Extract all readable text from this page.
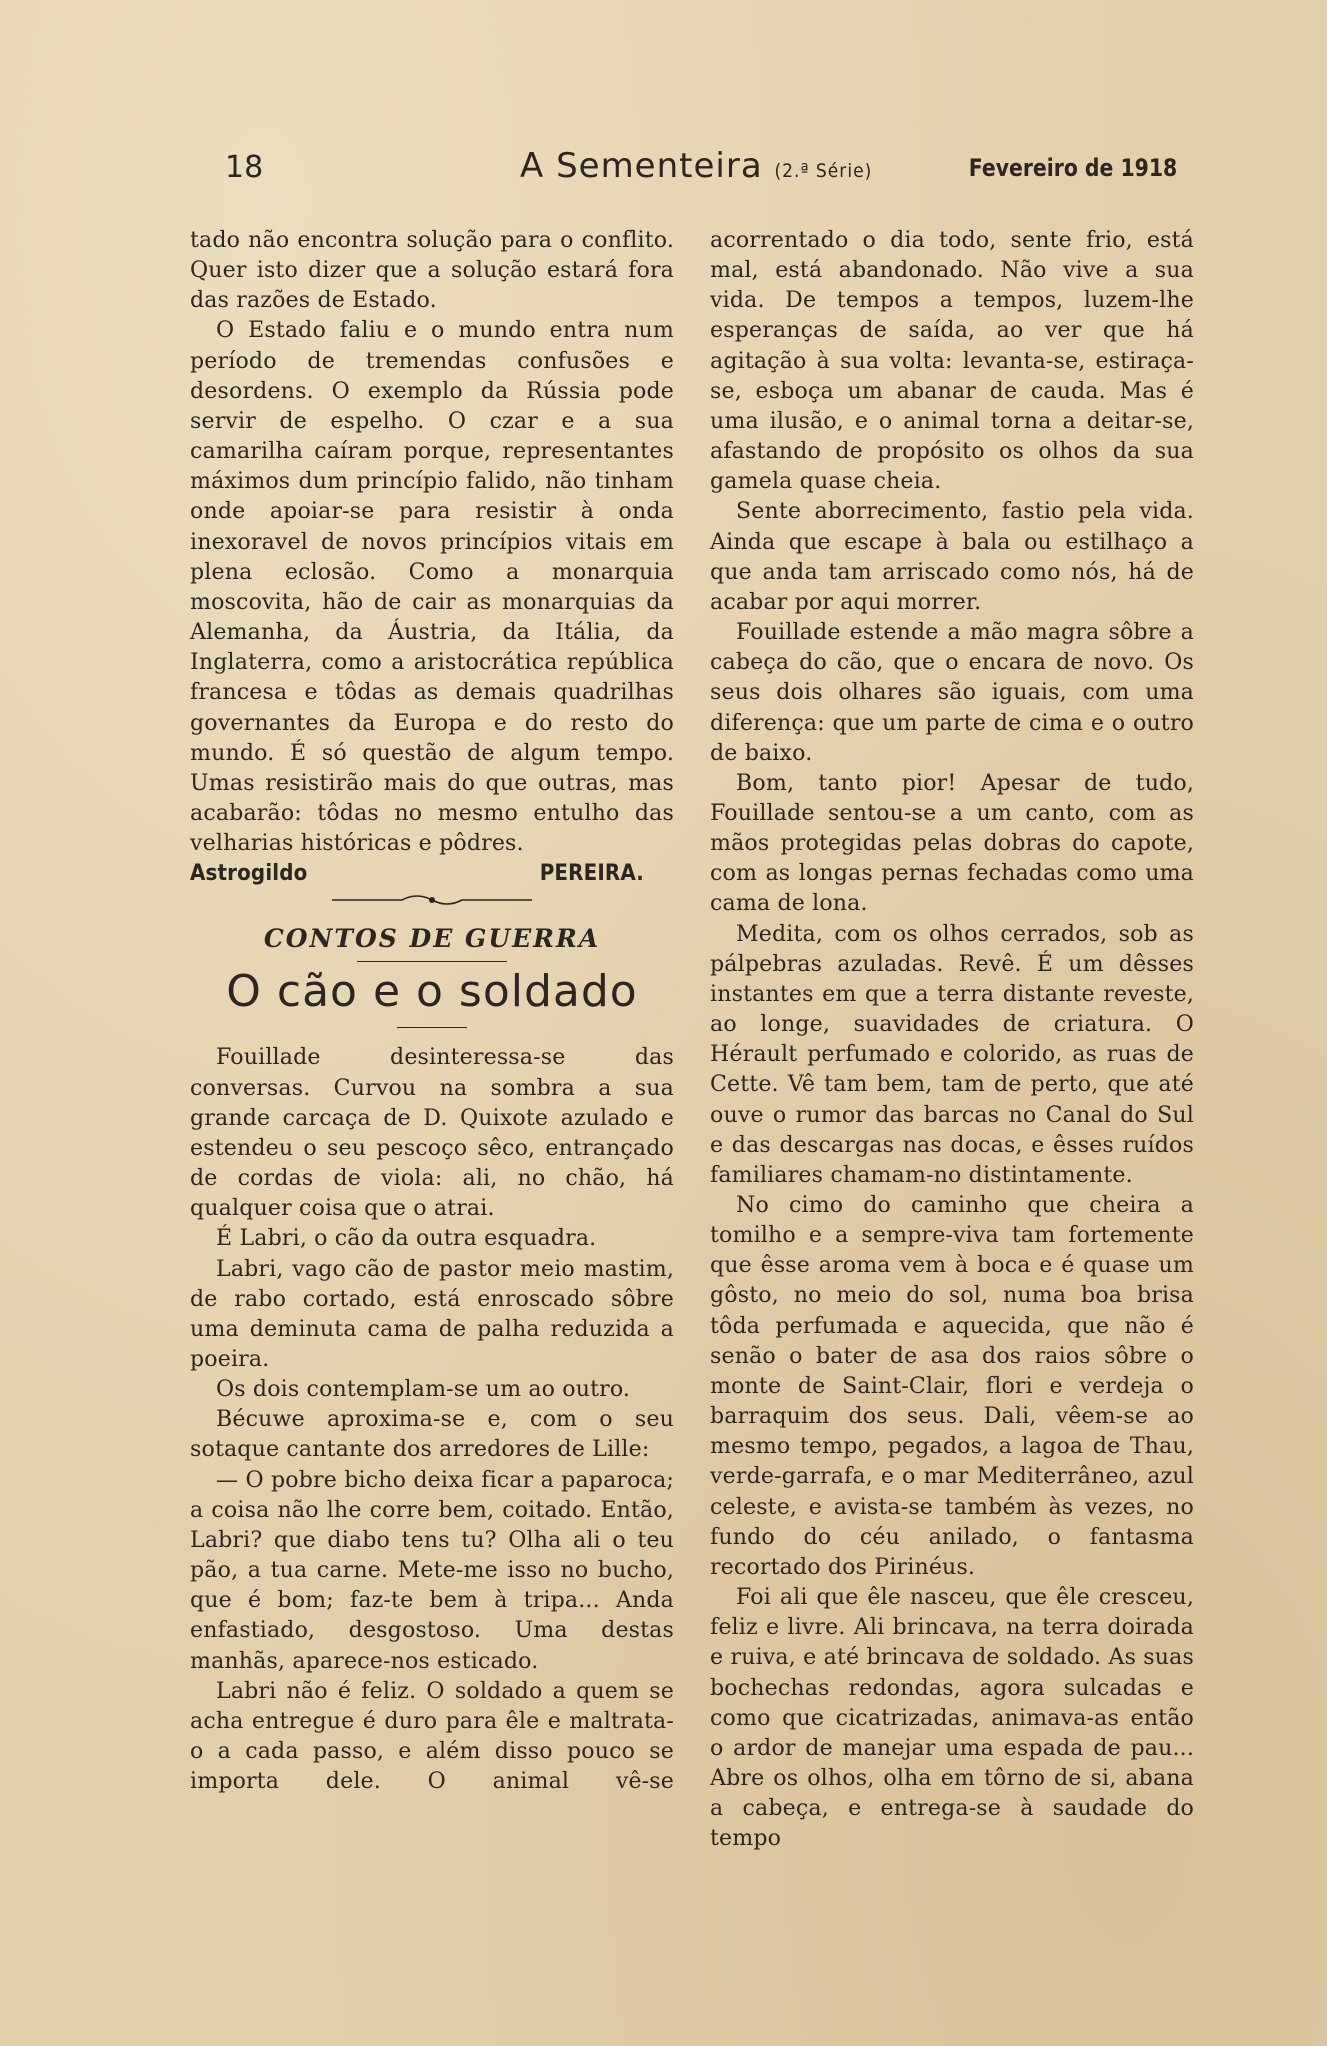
18	A Sementeira (2.ª Série)	Fevereiro de 1918

tado não encontra solução para o conflito. Quer isto dizer que a solução estará fora das razões de Estado.

O Estado faliu e o mundo entra num período de tremendas confusões e desordens. O exemplo da Rússia pode servir de espelho. O czar e a sua camarilha caíram porque, representantes máximos dum princípio falido, não tinham onde apoiar-se para resistir à onda inexoravel de novos princípios vitais em plena eclosão. Como a monarquia moscovita, hão de cair as monarquias da Alemanha, da Áustria, da Itália, da Inglaterra, como a aristocrática república francesa e tôdas as demais quadrilhas governantes da Europa e do resto do mundo. É só questão de algum tempo. Umas resistirão mais do que outras, mas acabarão: tôdas no mesmo entulho das velharias históricas e pôdres.

Astrogildo PEREIRA.

CONTOS DE GUERRA
O cão e o soldado

Fouillade desinteressa-se das conversas. Curvou na sombra a sua grande carcaça de D. Quixote azulado e estendeu o seu pescoço sêco, entrançado de cordas de viola: ali, no chão, há qualquer coisa que o atrai.

É Labri, o cão da outra esquadra.

Labri, vago cão de pastor meio mastim, de rabo cortado, está enroscado sôbre uma deminuta cama de palha reduzida a poeira.

Os dois contemplam-se um ao outro.

Bécuwe aproxima-se e, com o seu sotaque cantante dos arredores de Lille:

— O pobre bicho deixa ficar a paparoca; a coisa não lhe corre bem, coitado. Então, Labri? que diabo tens tu? Olha ali o teu pão, a tua carne. Mete-me isso no bucho, que é bom; faz-te bem à tripa... Anda enfastiado, desgostoso. Uma destas manhãs, aparece-nos esticado.

Labri não é feliz. O soldado a quem se acha entregue é duro para êle e maltrata-o a cada passo, e além disso pouco se importa dele. O animal vê-se

acorrentado o dia todo, sente frio, está mal, está abandonado. Não vive a sua vida. De tempos a tempos, luzem-lhe esperanças de saída, ao ver que há agitação à sua volta: levanta-se, estiraça-se, esboça um abanar de cauda. Mas é uma ilusão, e o animal torna a deitar-se, afastando de propósito os olhos da sua gamela quase cheia.

Sente aborrecimento, fastio pela vida. Ainda que escape à bala ou estilhaço a que anda tam arriscado como nós, há de acabar por aqui morrer.

Fouillade estende a mão magra sôbre a cabeça do cão, que o encara de novo. Os seus dois olhares são iguais, com uma diferença: que um parte de cima e o outro de baixo.

Bom, tanto pior! Apesar de tudo, Fouillade sentou-se a um canto, com as mãos protegidas pelas dobras do capote, com as longas pernas fechadas como uma cama de lona.

Medita, com os olhos cerrados, sob as pálpebras azuladas. Revê. É um dêsses instantes em que a terra distante reveste, ao longe, suavidades de criatura. O Hérault perfumado e colorido, as ruas de Cette. Vê tam bem, tam de perto, que até ouve o rumor das barcas no Canal do Sul e das descargas nas docas, e êsses ruídos familiares chamam-no distintamente.

No cimo do caminho que cheira a tomilho e a sempre-viva tam fortemente que êsse aroma vem à boca e é quase um gôsto, no meio do sol, numa boa brisa tôda perfumada e aquecida, que não é senão o bater de asa dos raios sôbre o monte de Saint-Clair, flori e verdeja o barraquim dos seus. Dali, vêem-se ao mesmo tempo, pegados, a lagoa de Thau, verde-garrafa, e o mar Mediterrâneo, azul celeste, e avista-se também às vezes, no fundo do céu anilado, o fantasma recortado dos Pirinéus.

Foi ali que êle nasceu, que êle cresceu, feliz e livre. Ali brincava, na terra doirada e ruiva, e até brincava de soldado. As suas bochechas redondas, agora sulcadas e como que cicatrizadas, animava-as então o ardor de manejar uma espada de pau... Abre os olhos, olha em tôrno de si, abana a cabeça, e entrega-se à saudade do tempo
